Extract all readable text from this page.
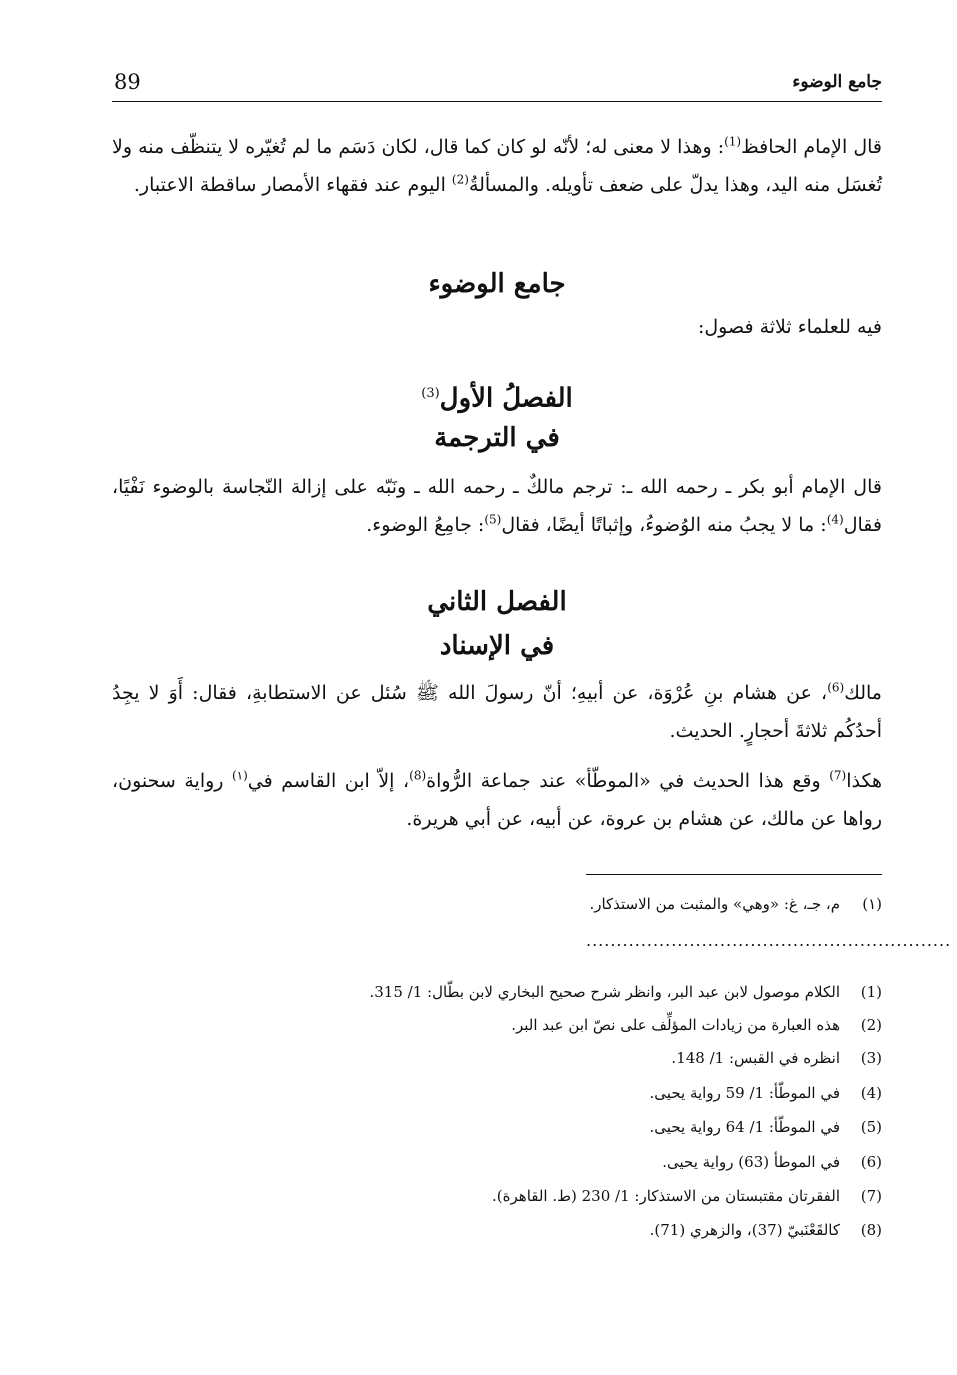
89	جامع الوضوء
قال الإمام الحافظ$^{(1)}$: وهذا لا معنى له؛ لأنّه لو كان كما قال، لكان دَسَم ما لم تُغيّره لا يتنظّف منه ولا تُغسَل منه اليد، وهذا يدلّ على ضعف تأويله. والمسألةُ$^{(2)}$ اليوم عند فقهاء الأمصار ساقطة الاعتبار.
جامع الوضوء
فيه للعلماء ثلاثة فصول:
الفصلُ الأول$^{(3)}$
في الترجمة
قال الإمام أبو بكر ـ رحمه الله ـ: ترجم مالكٌ ـ رحمه الله ـ ونَبّه على إزالة النّجاسة بالوضوء نَفْيًا، فقال$^{(4)}$: ما لا يجبُ منه الوُضوءُ، وإثباتًا أيضًا، فقال$^{(5)}$: جامِعُ الوضوء.
الفصل الثاني
في الإسناد
مالك$^{(6)}$، عن هشام بنِ عُرْوَة، عن أبيهِ؛ أنّ رسولَ الله ﷺ سُئل عن الاستطابةِ، فقال: أَوَ لا يجِدُ أحدُكُم ثلاثةَ أحجارٍ. الحديث.
هكذا$^{(7)}$ وقع هذا الحديث في «الموطّأ» عند جماعة الرُّواة$^{(8)}$، إلاّ ابن القاسم في$^{(١)}$ رواية سحنون، رواها عن مالك، عن هشام بن عروة، عن أبيه، عن أبي هريرة.
(١)م، جـ، غ: «وهي» والمثبت من الاستذكار.
............................................................
(1)الكلام موصول لابن عبد البر، وانظر شرح صحيح البخاري لابن بطّال: 1/ 315.
(2)هذه العبارة من زيادات المؤلِّف على نصّ ابن عبد البر.
(3)انظره في القبس: 1/ 148.
(4)في الموطّأ: 1/ 59 رواية يحيى.
(5)في الموطّأ: 1/ 64 رواية يحيى.
(6)في الموطأ (63) رواية يحيى.
(7)الفقرتان مقتبستان من الاستذكار: 1/ 230 (ط. القاهرة).
(8)كالقَعْنَبيّ (37)، والزهري (71).
